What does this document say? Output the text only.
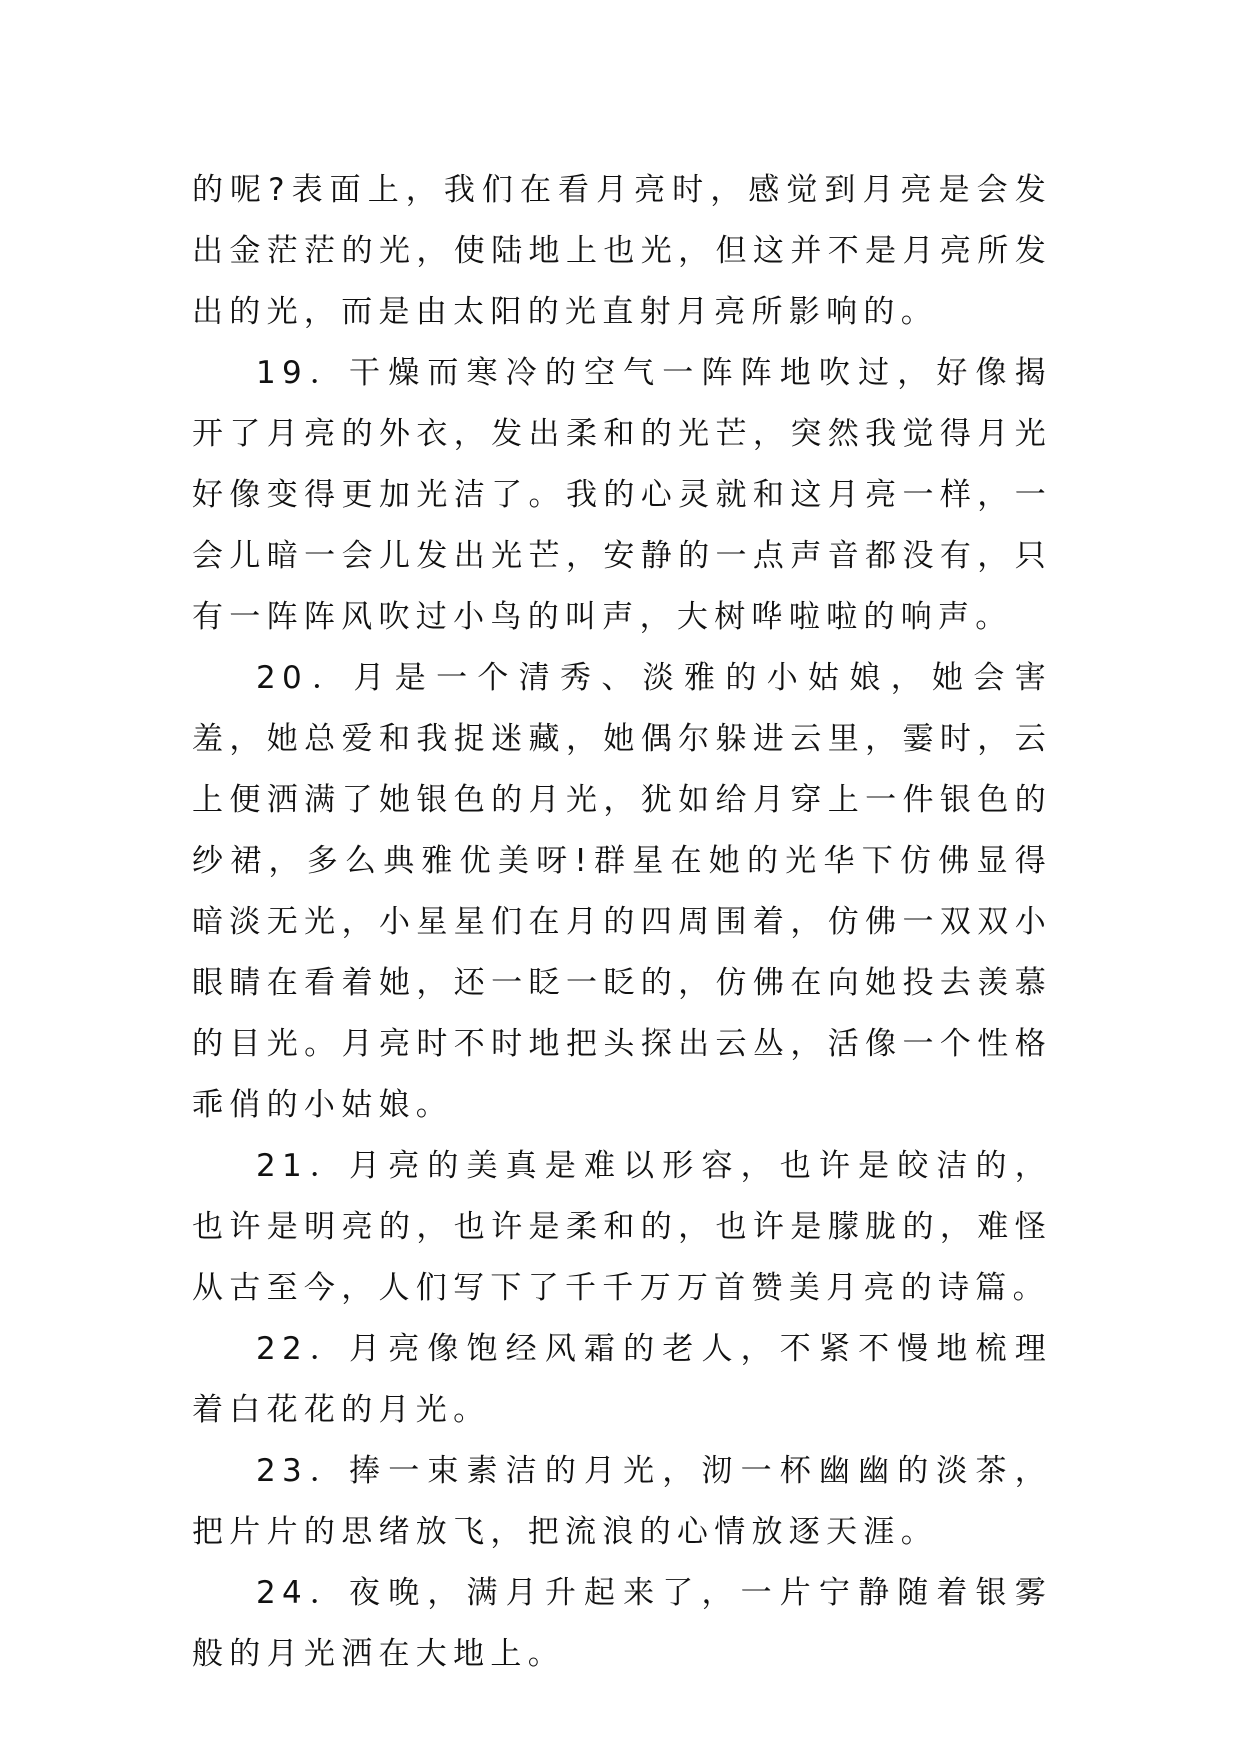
的呢?表面上，我们在看月亮时，感觉到月亮是会发出金茫茫的光，使陆地上也光，但这并不是月亮所发出的光，而是由太阳的光直射月亮所影响的。

19．干燥而寒冷的空气一阵阵地吹过，好像揭开了月亮的外衣，发出柔和的光芒，突然我觉得月光好像变得更加光洁了。我的心灵就和这月亮一样，一会儿暗一会儿发出光芒，安静的一点声音都没有，只有一阵阵风吹过小鸟的叫声，大树哗啦啦的响声。

20．月是一个清秀、淡雅的小姑娘，她会害羞，她总爱和我捉迷藏，她偶尔躲进云里，霎时，云上便洒满了她银色的月光，犹如给月穿上一件银色的纱裙，多么典雅优美呀!群星在她的光华下仿佛显得暗淡无光，小星星们在月的四周围着，仿佛一双双小眼睛在看着她，还一眨一眨的，仿佛在向她投去羡慕的目光。月亮时不时地把头探出云丛，活像一个性格乖俏的小姑娘。

21．月亮的美真是难以形容，也许是皎洁的，也许是明亮的，也许是柔和的，也许是朦胧的，难怪从古至今，人们写下了千千万万首赞美月亮的诗篇。

22．月亮像饱经风霜的老人，不紧不慢地梳理着白花花的月光。

23．捧一束素洁的月光，沏一杯幽幽的淡茶，把片片的思绪放飞，把流浪的心情放逐天涯。

24．夜晚，满月升起来了，一片宁静随着银雾般的月光洒在大地上。
